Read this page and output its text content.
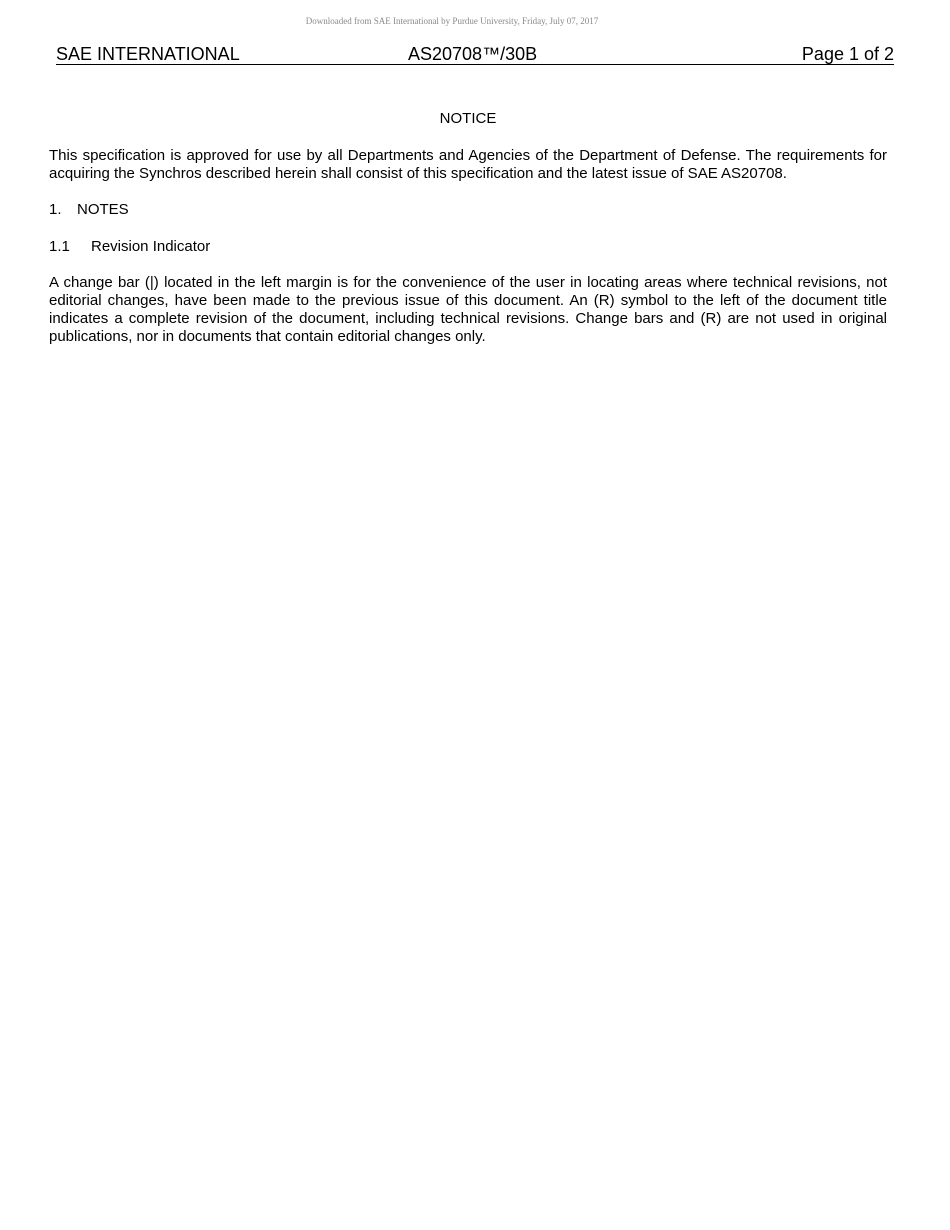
Downloaded from SAE International by Purdue University, Friday, July 07, 2017
SAE INTERNATIONAL	AS20708™/30B	Page 1 of 2
NOTICE

This specification is approved for use by all Departments and Agencies of the Department of Defense. The requirements for acquiring the Synchros described herein shall consist of this specification and the latest issue of SAE AS20708.

1. NOTES
1.1 Revision Indicator

A change bar (|) located in the left margin is for the convenience of the user in locating areas where technical revisions, not editorial changes, have been made to the previous issue of this document. An (R) symbol to the left of the document title indicates a complete revision of the document, including technical revisions. Change bars and (R) are not used in original publications, nor in documents that contain editorial changes only.
